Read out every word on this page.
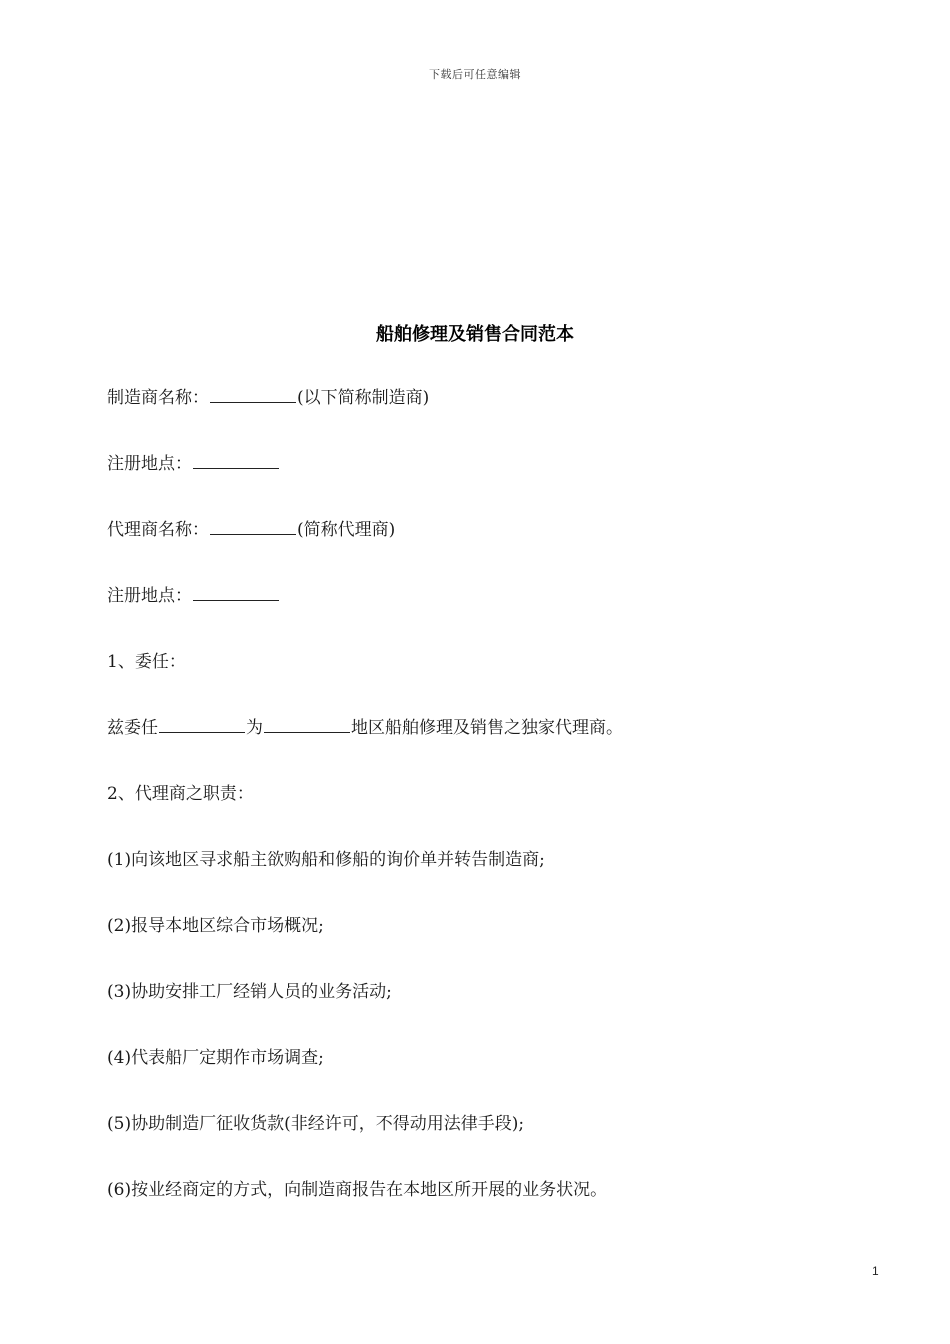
下载后可任意编辑
船舶修理及销售合同范本
制造商名称：	(以下简称制造商)
注册地点：
代理商名称：	(简称代理商)
注册地点：
1、委任：
兹委任	为	地区船舶修理及销售之独家代理商。
2、代理商之职责：
(1)向该地区寻求船主欲购船和修船的询价单并转告制造商;
(2)报导本地区综合市场概况;
(3)协助安排工厂经销人员的业务活动;
(4)代表船厂定期作市场调查;
(5)协助制造厂征收货款(非经许可，不得动用法律手段);
(6)按业经商定的方式，向制造商报告在本地区所开展的业务状况。
1
